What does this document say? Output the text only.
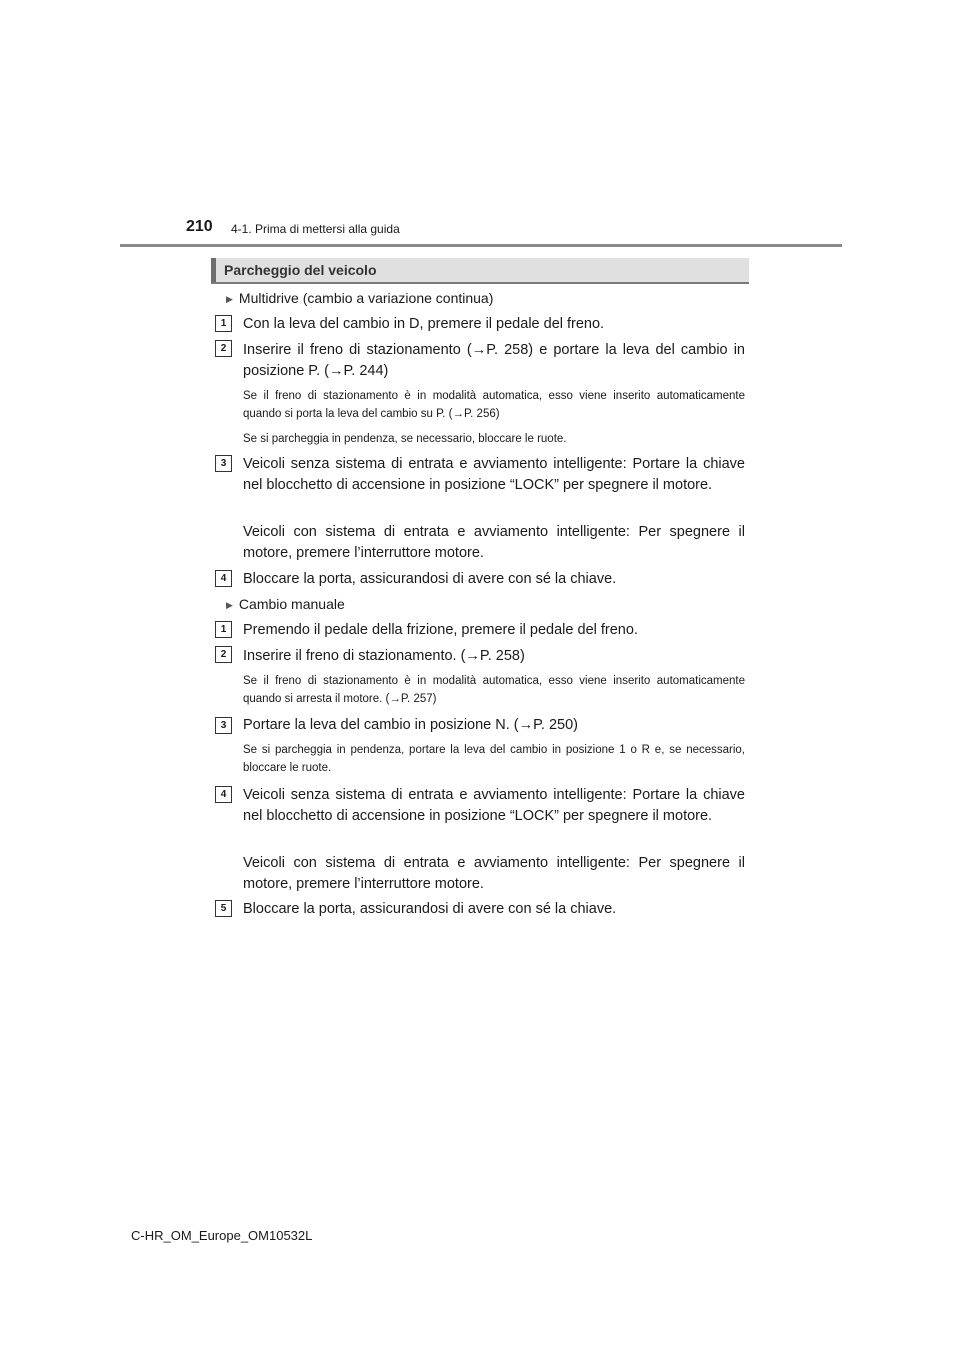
210 4-1. Prima di mettersi alla guida
Parcheggio del veicolo
▶ Multidrive (cambio a variazione continua)
1	Con la leva del cambio in D, premere il pedale del freno.

2	Inserire il freno di stazionamento (→P. 258) e portare la leva del cambio in posizione P. (→P. 244)

Se il freno di stazionamento è in modalità automatica, esso viene inserito automaticamente quando si porta la leva del cambio su P. (→P. 256)

Se si parcheggia in pendenza, se necessario, bloccare le ruote.

3	Veicoli senza sistema di entrata e avviamento intelligente: Portare la chiave nel blocchetto di accensione in posizione “LOCK” per spegnere il motore.

Veicoli con sistema di entrata e avviamento intelligente: Per spegnere il motore, premere l’interruttore motore.

4	Bloccare la porta, assicurandosi di avere con sé la chiave.

▶ Cambio manuale
1	Premendo il pedale della frizione, premere il pedale del freno.

2	Inserire il freno di stazionamento. (→P. 258)

Se il freno di stazionamento è in modalità automatica, esso viene inserito automaticamente quando si arresta il motore. (→P. 257)

3	Portare la leva del cambio in posizione N. (→P. 250)

Se si parcheggia in pendenza, portare la leva del cambio in posizione 1 o R e, se necessario, bloccare le ruote.

4	Veicoli senza sistema di entrata e avviamento intelligente: Portare la chiave nel blocchetto di accensione in posizione “LOCK” per spegnere il motore.

Veicoli con sistema di entrata e avviamento intelligente: Per spegnere il motore, premere l’interruttore motore.

5	Bloccare la porta, assicurandosi di avere con sé la chiave.

C-HR_OM_Europe_OM10532L
